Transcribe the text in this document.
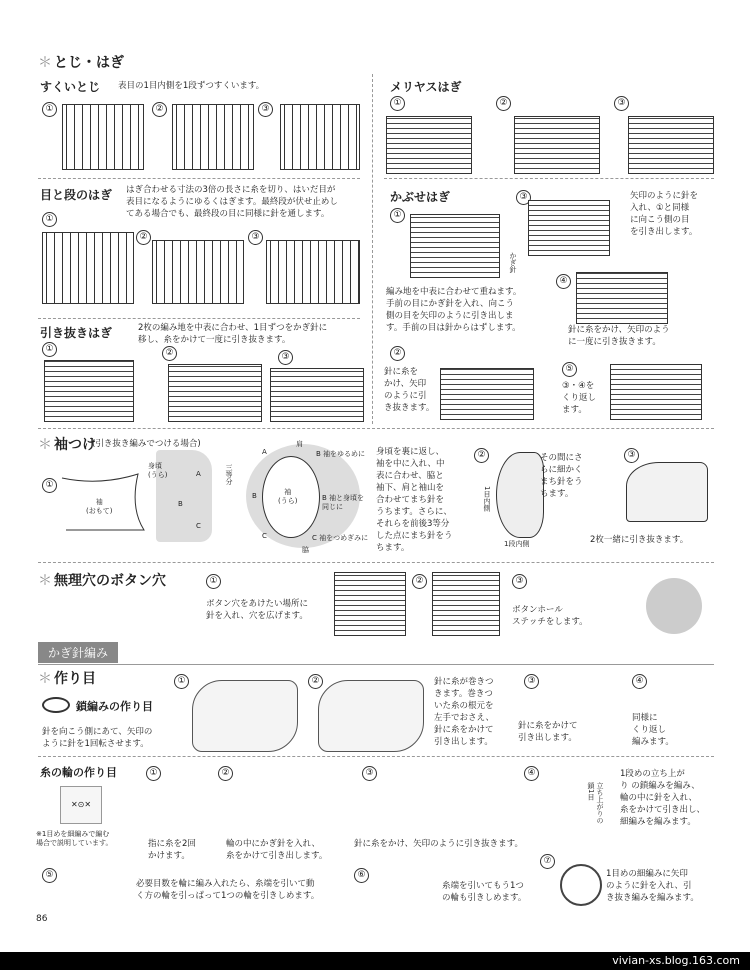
＊ とじ・はぎ
すくいとじ 表目の1目内側を1段ずつすくいます。
①	②	③
メリヤスはぎ
①	②	③
目と段のはぎ はぎ合わせる寸法の3倍の長さに糸を切り、はいだ目が
表目になるようにゆるくはぎます。最終段が伏せ止めし
てある場合でも、最終段の目に同様に針を通します。
①
②	③
かぶせはぎ
①
かぎ針
編み地を中表に合わせて重ねます。
手前の目にかぎ針を入れ、向こう
側の目を矢印のように引き出しま
す。手前の目は針からはずします。
③	矢印のように針を
入れ、①と同様
に向こう側の目
を引き出します。
④
針に糸をかけ、矢印のよう
に一度に引き抜きます。
引き抜きはぎ	2枚の編み地を中表に合わせ、1目ずつをかぎ針に
移し、糸をかけて一度に引き抜きます。
①	②	③	②
針に糸を
かけ、矢印
のように引
き抜きます。
⑤
③・④を
くり返し
ます。
＊ 袖つけ
(引き抜き編みでつける場合)
①
袖
(おもて)
身頃
(うら)	A
B
C
三等分
肩
脇
袖
(うら)
A
B
C
B 袖をゆるめに
B 袖と身頃を
同じに
C 袖をつめぎみに
身頃を裏に返し、
袖を中に入れ、中
表に合わせ、脇と
袖下、肩と袖山を
合わせてまち針を
うちます。さらに、
それらを前後3等分
した点にまち針をう
ちます。
②
1目内側
1段内側
その間にさ
らに細かく
まち針をう
ちます。
③
2枚一緒に引き抜きます。
＊ 無理穴のボタン穴	①
ボタン穴をあけたい場所に
針を入れ、穴を広げます。
②	③
ボタンホール
ステッチをします。
かぎ針編み
＊ 作り目
鎖編みの作り目
針を向こう側にあて、矢印の
ように針を1回転させます。
①	②	針に糸が巻きつ
きます。巻きつ
いた糸の根元を
左手でおさえ、
針に糸をかけて
引き出します。
③
針に糸をかけて
引き出します。
④
同様に
くり返し
編みます。
糸の輪の作り目
✕⊙✕
※1目めを細編みで編む
場合で説明しています。
①
指に糸を2回
かけます。
②
輪の中にかぎ針を入れ、
糸をかけて引き出します。
③
針に糸をかけ、矢印のように引き抜きます。
④
立ち上がりの
鎖1目
1段めの立ち上が
り の鎖編みを編み、
輪の中に針を入れ、
糸をかけて引き出し、
細編みを編みます。
⑤
必要目数を輪に編み入れたら、糸端を引いて動
く方の輪を引っぱって1つの輪を引きしめます。
⑥
糸端を引いてもう1つ
の輪も引きしめます。
⑦
1目めの細編みに矢印
のように針を入れ、引
き抜き編みを編みます。
86
vivian-xs.blog.163.com
